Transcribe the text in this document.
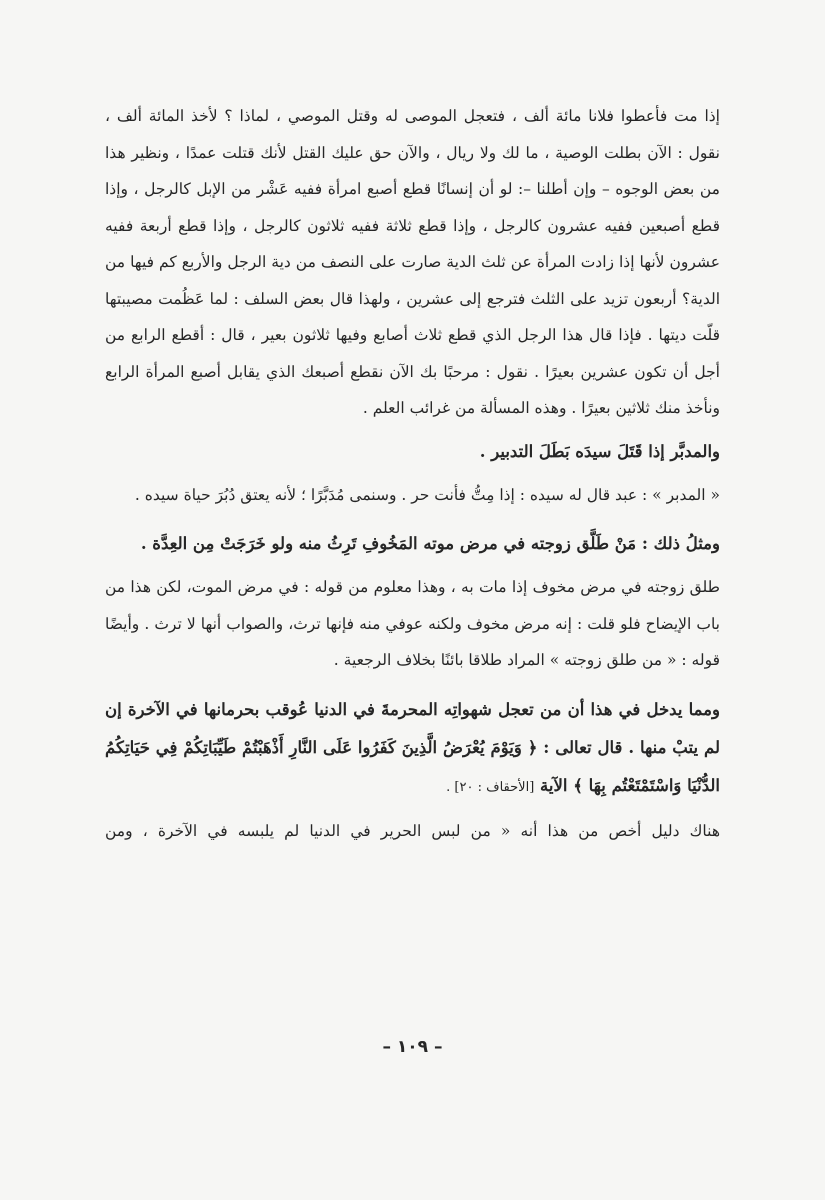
إذا مت فأعطوا فلانا مائة ألف ، فتعجل الموصى له وقتل الموصي ، لماذا ؟ لأخذ المائة ألف ، نقول : الآن بطلت الوصية ، ما لك ولا ريال ، والآن حق عليك القتل لأنك قتلت عمدًا ، ونظير هذا من بعض الوجوه – وإن أطلنا –: لو أن إنسانًا قطع أصبع امرأة ففيه عَشْر من الإبل كالرجل ، وإذا قطع أصبعين ففيه عشرون كالرجل ، وإذا قطع ثلاثة ففيه ثلاثون كالرجل ، وإذا قطع أربعة ففيه عشرون لأنها إذا زادت المرأة عن ثلث الدية صارت على النصف من دية الرجل والأربع كم فيها من الدية؟ أربعون تزيد على الثلث فترجع إلى عشرين ، ولهذا قال بعض السلف : لما عَظُمت مصيبتها قلّت ديتها . فإذا قال هذا الرجل الذي قطع ثلاث أصابع وفيها ثلاثون بعير ، قال : أقطع الرابع من أجل أن تكون عشرين بعيرًا . نقول : مرحبًا بك الآن نقطع أصبعك الذي يقابل أصبع المرأة الرابع ونأخذ منك ثلاثين بعيرًا . وهذه المسألة من غرائب العلم .

والمدبَّر إذا قَتَلَ سيدَه بَطَلَ التدبير .

« المدبر » : عبد قال له سيده : إذا مِتُّ فأنت حر . وسنمى مُدَبَّرًا ؛ لأنه يعتق دُبُرَ حياة سيده .

ومثلُ ذلك : مَنْ طَلَّق زوجته في مرض موته المَخُوفِ تَرِثُ منه ولو خَرَجَتْ مِن العِدَّة .

طلق زوجته في مرض مخوف إذا مات به ، وهذا معلوم من قوله : في مرض الموت، لكن هذا من باب الإيضاح فلو قلت : إنه مرض مخوف ولكنه عوفي منه فإنها ترث، والصواب أنها لا ترث . وأيضًا قوله : « من طلق زوجته » المراد طلاقا بائنًا بخلاف الرجعية .

ومما يدخل في هذا أن من تعجل شهواتِه المحرمةَ في الدنيا عُوقب بحرمانها في الآخرة إن لم يتبْ منها . قال تعالى : ﴿ وَيَوْمَ يُعْرَضُ الَّذِينَ كَفَرُوا عَلَى النَّارِ أَذْهَبْتُمْ طَيِّبَاتِكُمْ فِي حَيَاتِكُمُ الدُّنْيَا وَاسْتَمْتَعْتُم بِهَا ﴾ الآية [الأحقاف : ٢٠] .

هناك دليل أخص من هذا أنه « من لبس الحرير في الدنيا لم يلبسه في الآخرة ، ومن

– ١٠٩ –
